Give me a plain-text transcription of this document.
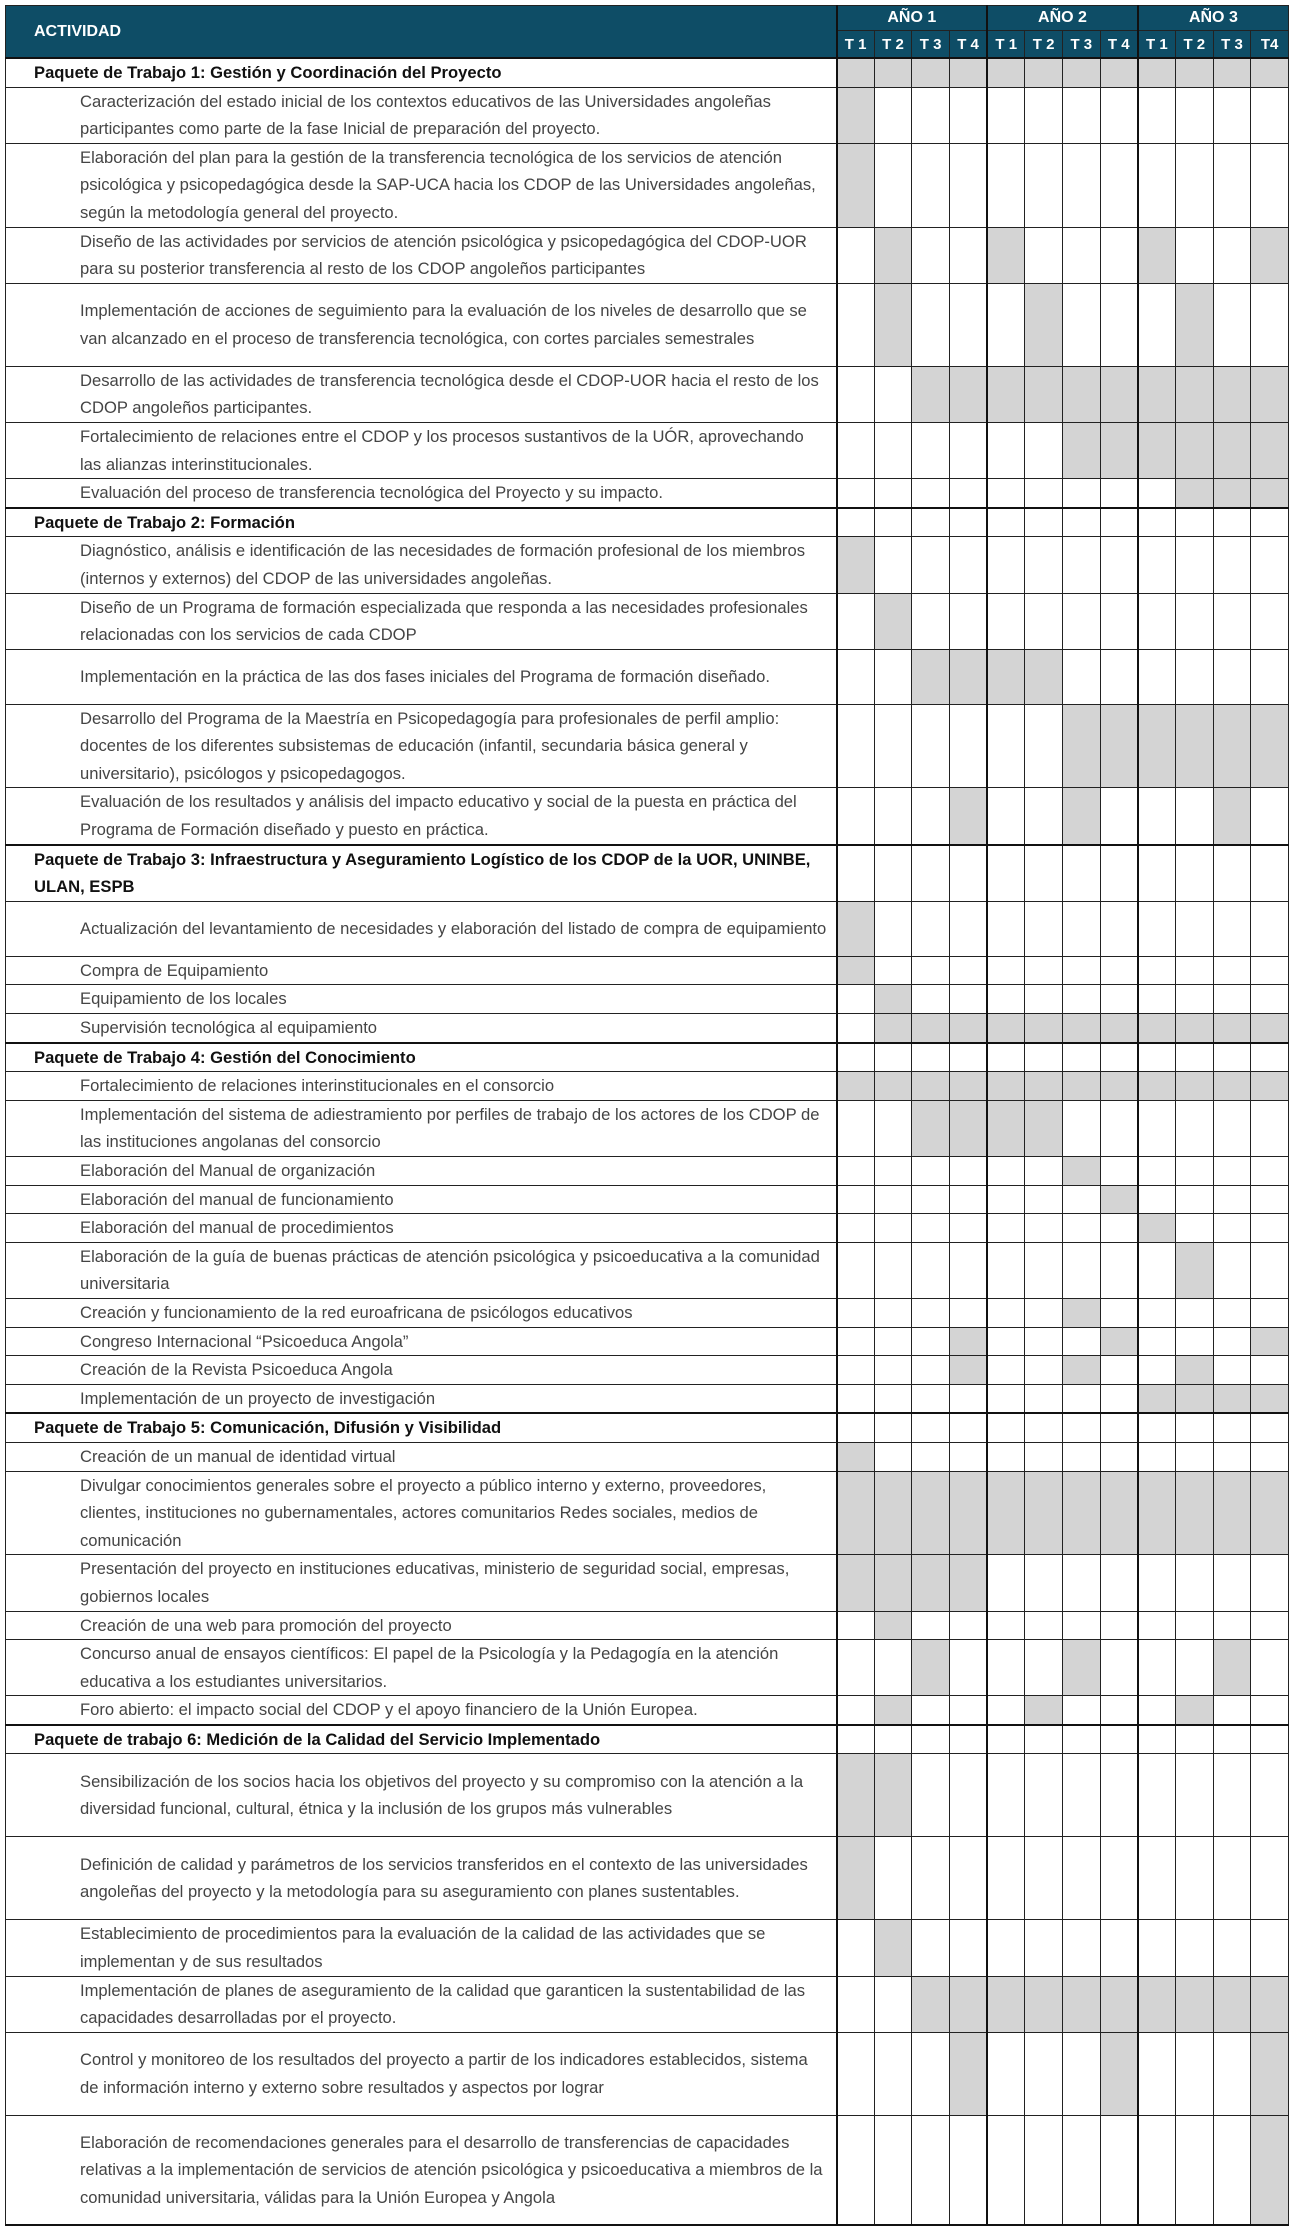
ACTIVIDAD	AÑO 1				AÑO 2				AÑO 3			
	T 1	T 2	T 3	T 4	T 1	T 2	T 3	T 4	T 1	T 2	T 3	T4
Paquete de Trabajo 1: Gestión y Coordinación del Proyecto												
Caracterización del estado inicial de los contextos educativos de las Universidades angoleñas participantes como parte de la fase Inicial de preparación del proyecto.												
Elaboración del plan para la gestión de la transferencia tecnológica de los servicios de atención psicológica y psicopedagógica desde la SAP-UCA hacia los CDOP de las Universidades angoleñas, según la metodología general del proyecto.												
Diseño de las actividades por servicios de atención psicológica y psicopedagógica del CDOP-UOR para su posterior transferencia al resto de los CDOP angoleños participantes												
Implementación de acciones de seguimiento para la evaluación de los niveles de desarrollo que se van alcanzado en el proceso de transferencia tecnológica, con cortes parciales semestrales												
Desarrollo de las actividades de transferencia tecnológica desde el CDOP-UOR hacia el resto de los CDOP angoleños participantes.												
Fortalecimiento de relaciones entre el CDOP y los procesos sustantivos de la UÓR, aprovechando las alianzas interinstitucionales.												
Evaluación del proceso de transferencia tecnológica del Proyecto y su impacto.												
Paquete de Trabajo 2: Formación												
Diagnóstico, análisis e identificación de las necesidades de formación profesional de los miembros (internos y externos) del CDOP de las universidades angoleñas.												
Diseño de un Programa de formación especializada que responda a las necesidades profesionales relacionadas con los servicios de cada CDOP												
Implementación en la práctica de las dos fases iniciales del Programa de formación diseñado.												
Desarrollo del Programa de la Maestría en Psicopedagogía para profesionales de perfil amplio: docentes de los diferentes subsistemas de educación (infantil, secundaria básica general y universitario), psicólogos y psicopedagogos.												
Evaluación de los resultados y análisis del impacto educativo y social de la puesta en práctica del Programa de Formación diseñado y puesto en práctica.												
Paquete de Trabajo 3: Infraestructura y Aseguramiento Logístico de los CDOP de la UOR, UNINBE, ULAN, ESPB												
Actualización del levantamiento de necesidades y elaboración del listado de compra de equipamiento												
Compra de Equipamiento												
Equipamiento de los locales												
Supervisión tecnológica al equipamiento												
Paquete de Trabajo 4: Gestión del Conocimiento												
Fortalecimiento de relaciones interinstitucionales en el consorcio												
Implementación del sistema de adiestramiento por perfiles de trabajo de los actores de los CDOP de las instituciones angolanas del consorcio												
Elaboración del Manual de organización												
Elaboración del manual de funcionamiento												
Elaboración del manual de procedimientos												
Elaboración de la guía de buenas prácticas de atención psicológica y psicoeducativa a la comunidad universitaria												
Creación y funcionamiento de la red euroafricana de psicólogos educativos												
Congreso Internacional “Psicoeduca Angola”												
Creación de la Revista Psicoeduca Angola												
Implementación de un proyecto de investigación												
Paquete de Trabajo 5: Comunicación, Difusión y Visibilidad												
Creación de un manual de identidad virtual												
Divulgar conocimientos generales sobre el proyecto a público interno y externo, proveedores, clientes, instituciones no gubernamentales, actores comunitarios Redes sociales, medios de comunicación												
Presentación del proyecto en instituciones educativas, ministerio de seguridad social, empresas, gobiernos locales												
Creación de una web para promoción del proyecto												
Concurso anual de ensayos científicos: El papel de la Psicología y la Pedagogía en la atención educativa a los estudiantes universitarios.												
Foro abierto: el impacto social del CDOP y el apoyo financiero de la Unión Europea.												
Paquete de trabajo 6: Medición de la Calidad del Servicio Implementado												
Sensibilización de los socios hacia los objetivos del proyecto y su compromiso con la atención a la diversidad funcional, cultural, étnica y la inclusión de los grupos más vulnerables												
Definición de calidad y parámetros de los servicios transferidos en el contexto de las universidades angoleñas del proyecto y la metodología para su aseguramiento con planes sustentables.												
Establecimiento de procedimientos para la evaluación de la calidad de las actividades que se implementan y de sus resultados												
Implementación de planes de aseguramiento de la calidad que garanticen la sustentabilidad de las capacidades desarrolladas por el proyecto.												
Control y monitoreo de los resultados del proyecto a partir de los indicadores establecidos, sistema de información interno y externo sobre resultados y aspectos por lograr												
Elaboración de recomendaciones generales para el desarrollo de transferencias de capacidades relativas a la implementación de servicios de atención psicológica y psicoeducativa a miembros de la comunidad universitaria, válidas para la Unión Europea y Angola												
